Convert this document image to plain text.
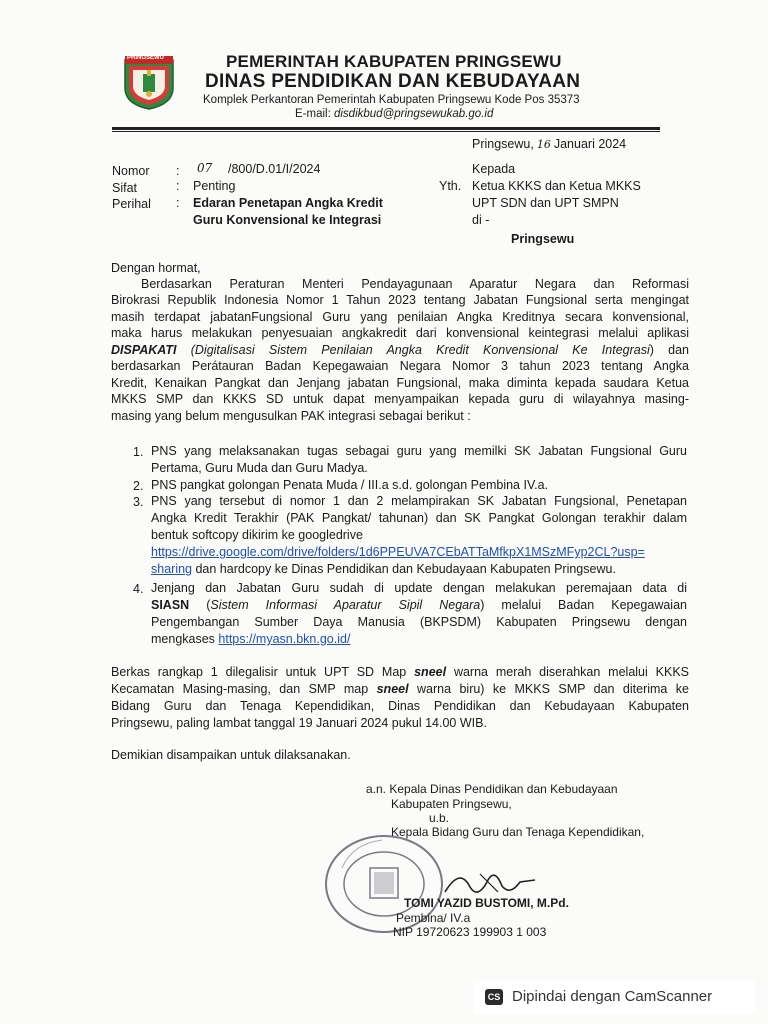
PRINGSEWU	PEMERINTAH KABUPATEN PRINGSEWU
DINAS PENDIDIKAN DAN KEBUDAYAAN
Komplek Perkantoran Pemerintah Kabupaten Pringsewu Kode Pos 35373
E-mail: disdikbud@pringsewukab.go.id
Pringsewu, 16 Januari 2024
Nomor : 07 /800/D.01/I/2024
Sifat	: Penting
Perihal : Edaran Penetapan Angka Kredit
Guru Konvensional ke Integrasi
Kepada
Yth. Ketua KKKS dan Ketua MKKS
UPT SDN dan UPT SMPN
di -
Pringsewu
Dengan hormat,
Berdasarkan Peraturan Menteri Pendayagunaan Aparatur Negara dan Reformasi
Birokrasi Republik Indonesia Nomor 1 Tahun 2023 tentang Jabatan Fungsional serta mengingat
masih terdapat jabatanFungsional Guru yang penilaian Angka Kreditnya secara konvensional,
maka harus melakukan penyesuaian angkakredit dari konvensional keintegrasi melalui aplikasi
DISPAKATI (Digitalisasi Sistem Penilaian Angka Kredit Konvensional Ke Integrasi) dan
berdasarkan Perátauran Badan Kepegawaian Negara Nomor 3 tahun 2023 tentang Angka
Kredit, Kenaikan Pangkat dan Jenjang jabatan Fungsional, maka diminta kepada saudara Ketua
MKKS SMP dan KKKS SD untuk dapat menyampaikan kepada guru di wilayahnya masing-
masing yang belum mengusulkan PAK integrasi sebagai berikut :
1. PNS yang melaksanakan tugas sebagai guru yang memilki SK Jabatan Fungsional Guru
Pertama, Guru Muda dan Guru Madya.
2. PNS pangkat golongan Penata Muda / III.a s.d. golongan Pembina IV.a.
3. PNS yang tersebut di nomor 1 dan 2 melampirakan SK Jabatan Fungsional, Penetapan
Angka Kredit Terakhir (PAK Pangkat/ tahunan) dan SK Pangkat Golongan terakhir dalam
bentuk softcopy dikirim ke googledrive
https://drive.google.com/drive/folders/1d6PPEUVA7CEbATTaMfkpX1MSzMFyp2CL?usp=
sharing dan hardcopy ke Dinas Pendidikan dan Kebudayaan Kabupaten Pringsewu.
4. Jenjang dan Jabatan Guru sudah di update dengan melakukan peremajaan data di
SIASN (Sistem Informasi Aparatur Sipil Negara) melalui Badan Kepegawaian
Pengembangan Sumber Daya Manusia (BKPSDM) Kabupaten Pringsewu dengan
mengkases https://myasn.bkn.go.id/
Berkas rangkap 1 dilegalisir untuk UPT SD Map sneel warna merah diserahkan melalui KKKS
Kecamatan Masing-masing, dan SMP map sneel warna biru) ke MKKS SMP dan diterima ke
Bidang Guru dan Tenaga Kependidikan, Dinas Pendidikan dan Kebudayaan Kabupaten
Pringsewu, paling lambat tanggal 19 Januari 2024 pukul 14.00 WIB.
Demikian disampaikan untuk dilaksanakan.
a.n. Kepala Dinas Pendidikan dan Kebudayaan
Kabupaten Pringsewu,
u.b.
Kepala Bidang Guru dan Tenaga Kependidikan,
TOMI YAZID BUSTOMI, M.Pd.
Pembina/ IV.a
NIP 19720623 199903 1 003
CS Dipindai dengan CamScanner
